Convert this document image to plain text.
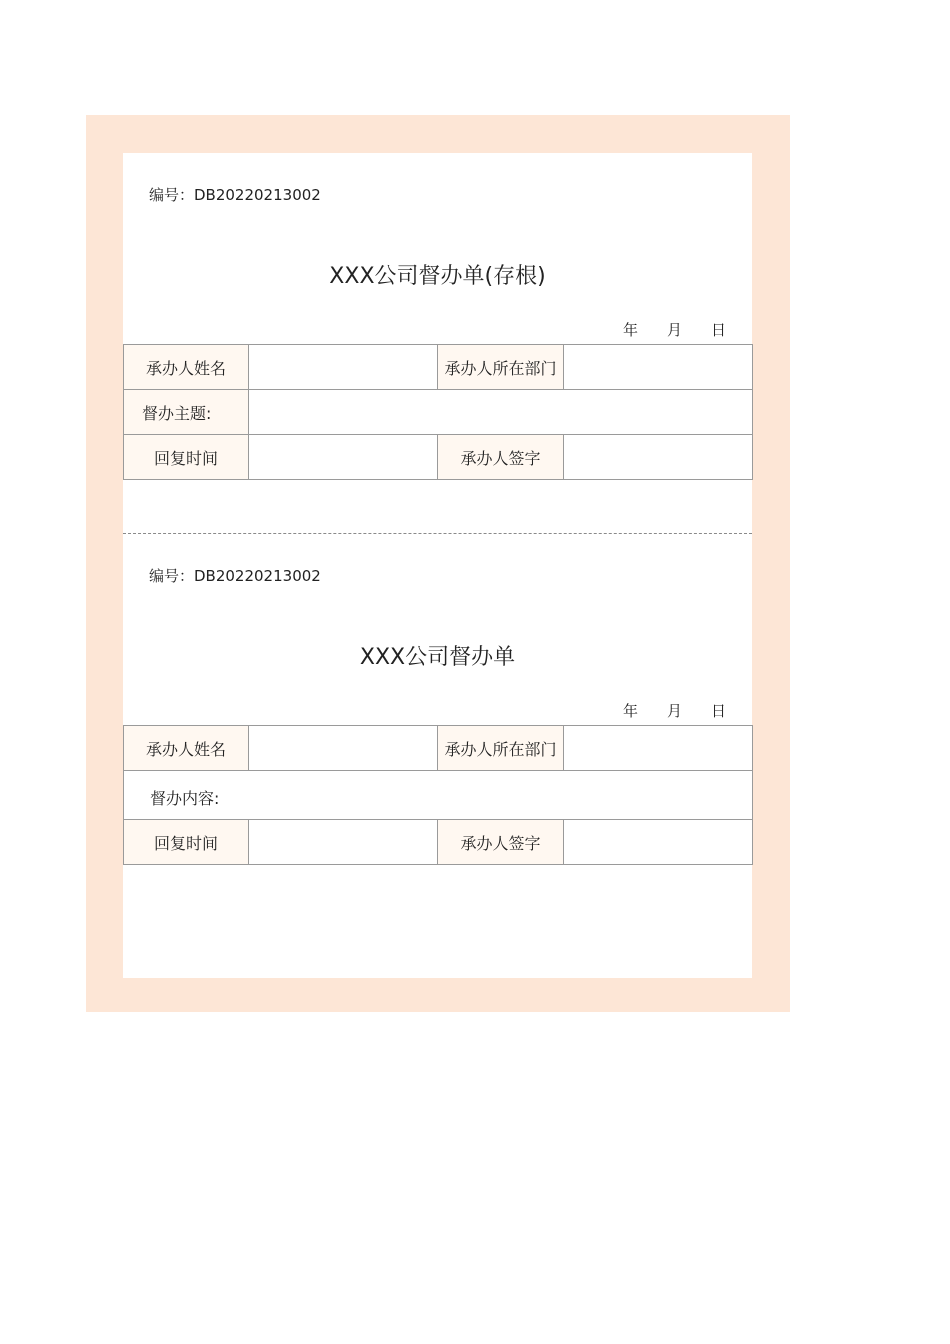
编号：DB20220213002
XXX公司督办单(存根)
年 月 日
承办人姓名		承办人所在部门	
督办主题:			
回复时间		承办人签字	
编号：DB20220213002
XXX公司督办单
年 月 日
承办人姓名		承办人所在部门	
督办内容:			
回复时间		承办人签字	
